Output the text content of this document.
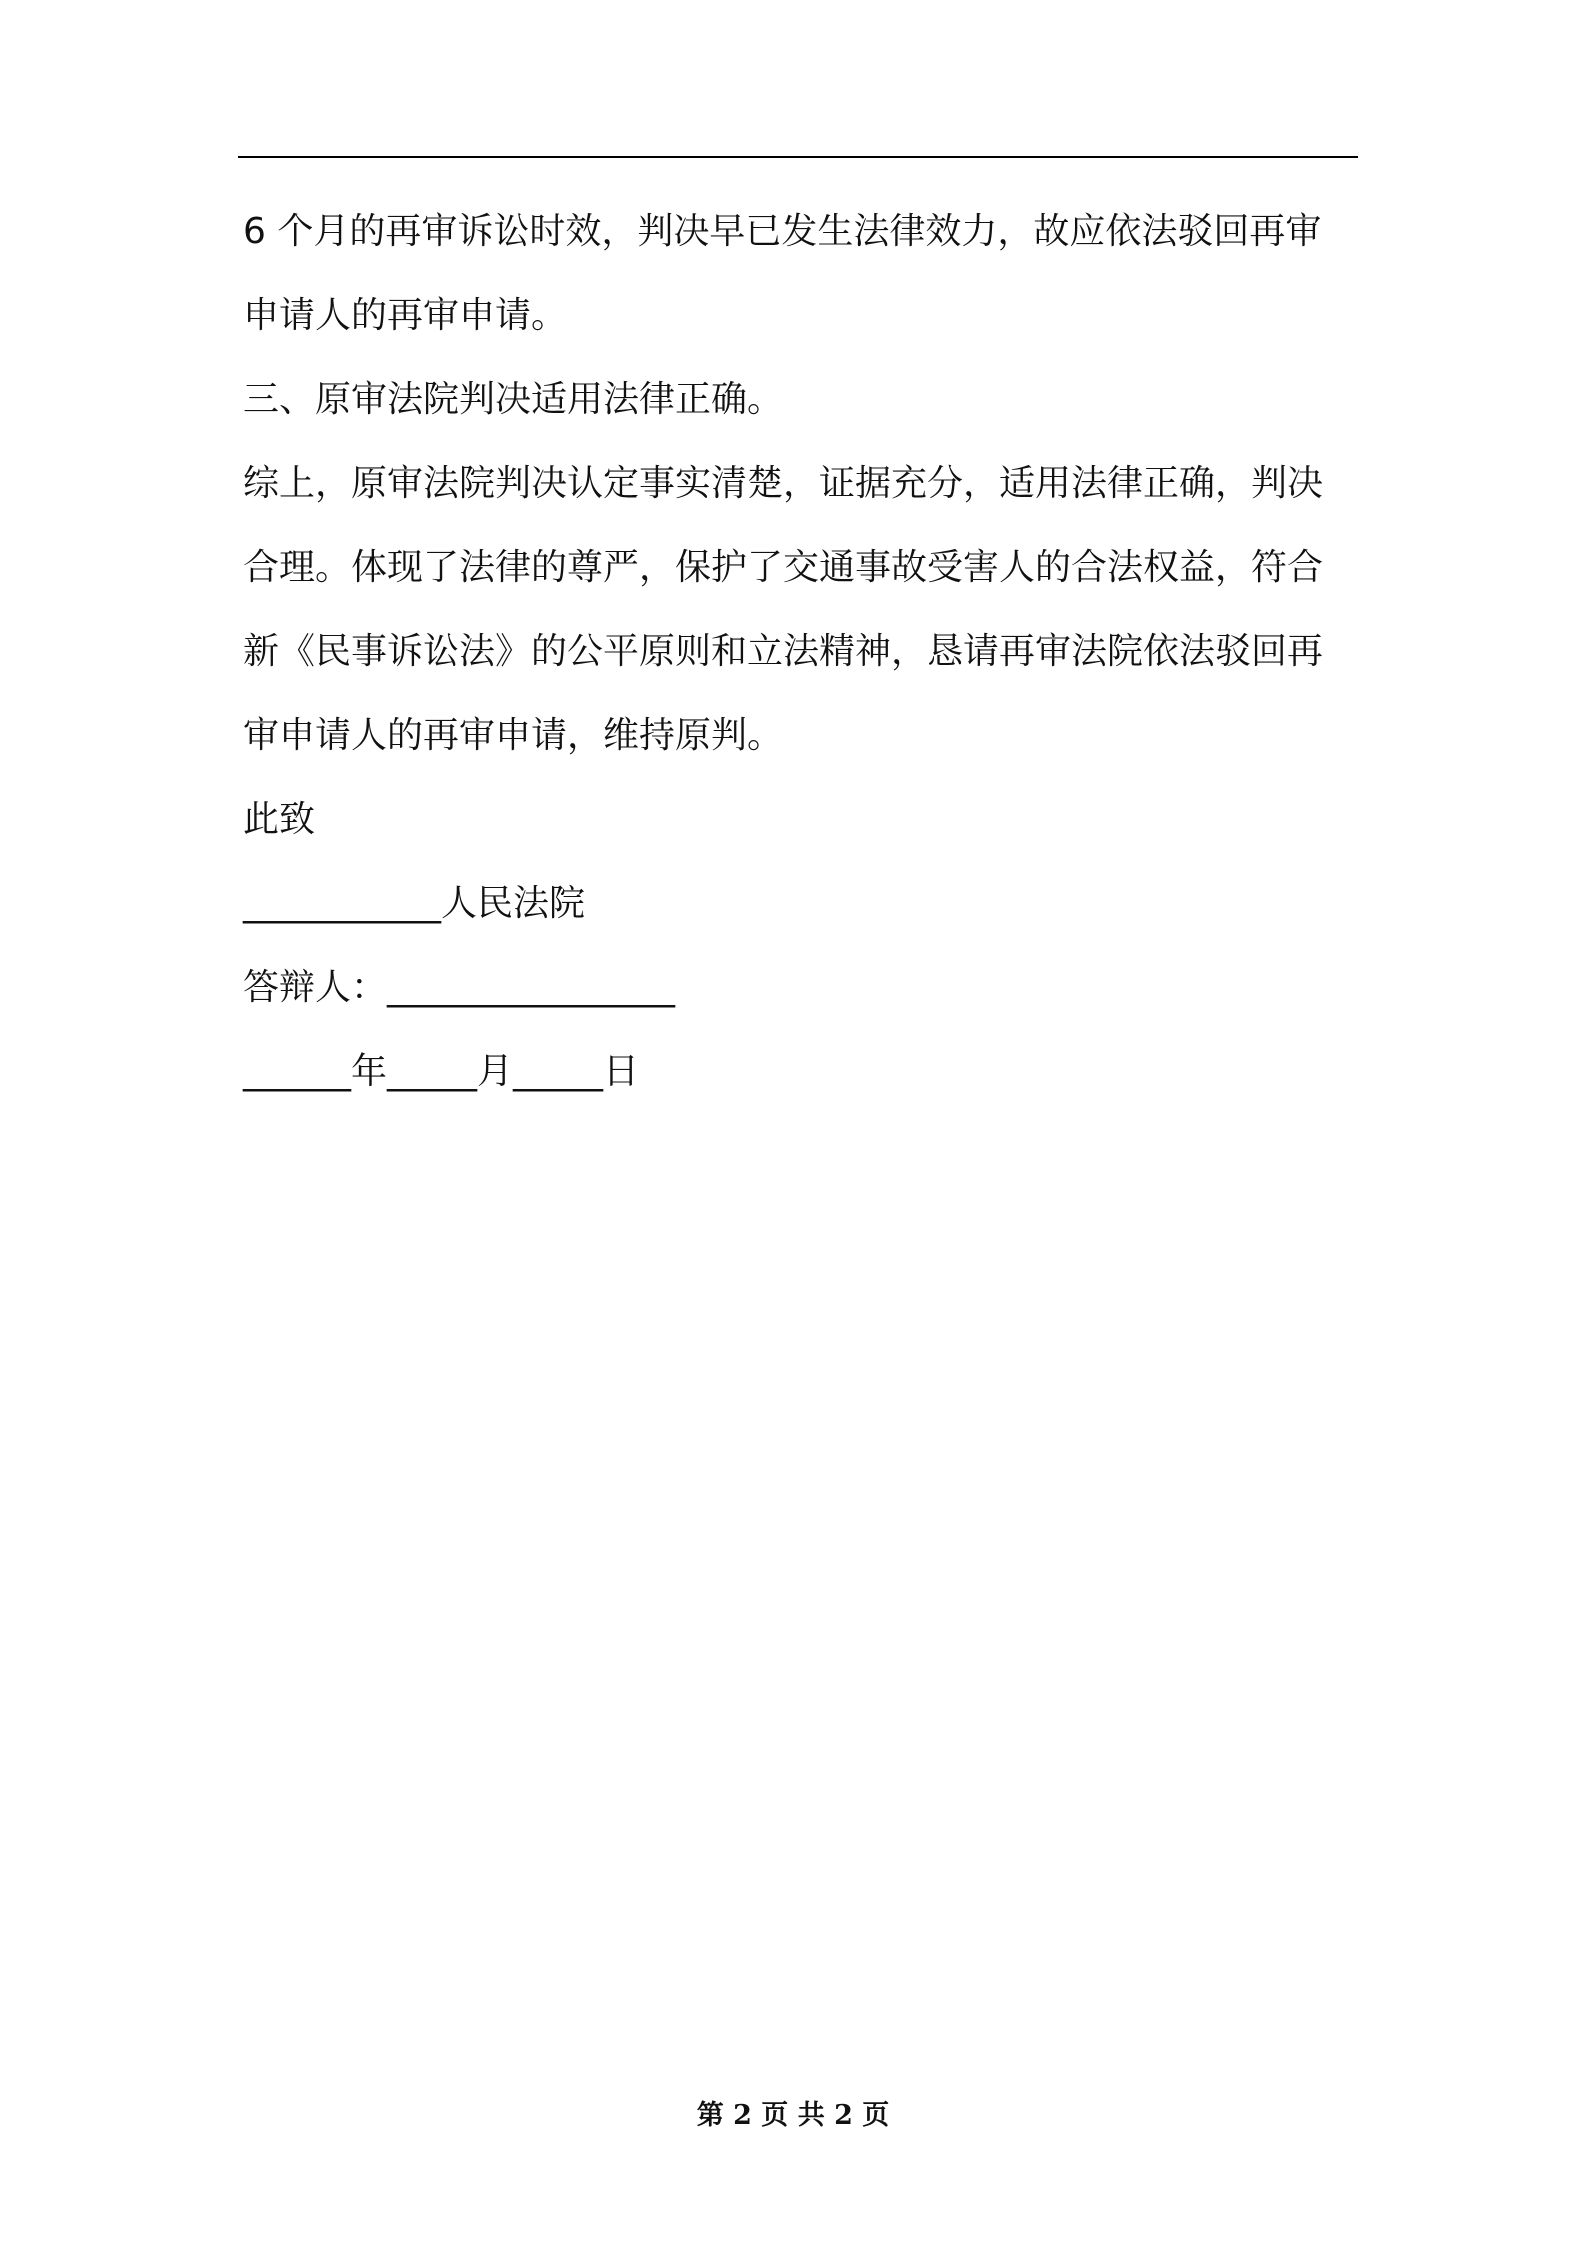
6 个月的再审诉讼时效，判决早已发生法律效力，故应依法驳回再审
申请人的再审申请。
三、原审法院判决适用法律正确。
综上，原审法院判决认定事实清楚，证据充分，适用法律正确，判决
合理。体现了法律的尊严，保护了交通事故受害人的合法权益，符合
新《民事诉讼法》的公平原则和立法精神，恳请再审法院依法驳回再
审申请人的再审申请，维持原判。
此致
___________人民法院
答辩人：________________
______年_____月_____日
第 2 页 共 2 页
